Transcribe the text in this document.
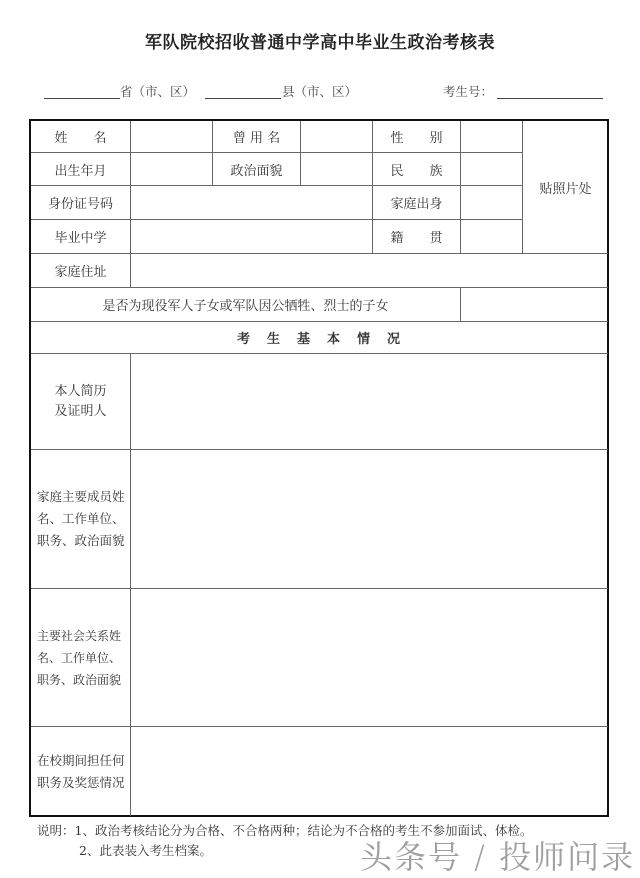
军队院校招收普通中学高中毕业生政治考核表
省（市、区）	县（市、区）	考生号：
姓　　名	曾 用 名	性　　别
出生年月	政治面貌	民　　族
身份证号码	家庭出身
毕业中学	籍　　贯
贴照片处
家庭住址
是否为现役军人子女或军队因公牺牲、烈士的子女
考　生　基　本　情　况
本人简历
及证明人
家庭主要成员姓名、工作单位、职务、政治面貌
主要社会关系姓名、工作单位、职务、政治面貌
在校期间担任何职务及奖惩情况
说明：1、政治考核结论分为合格、不合格两种；结论为不合格的考生不参加面试、体检。
2、此表装入考生档案。	头条号 / 投师问录
